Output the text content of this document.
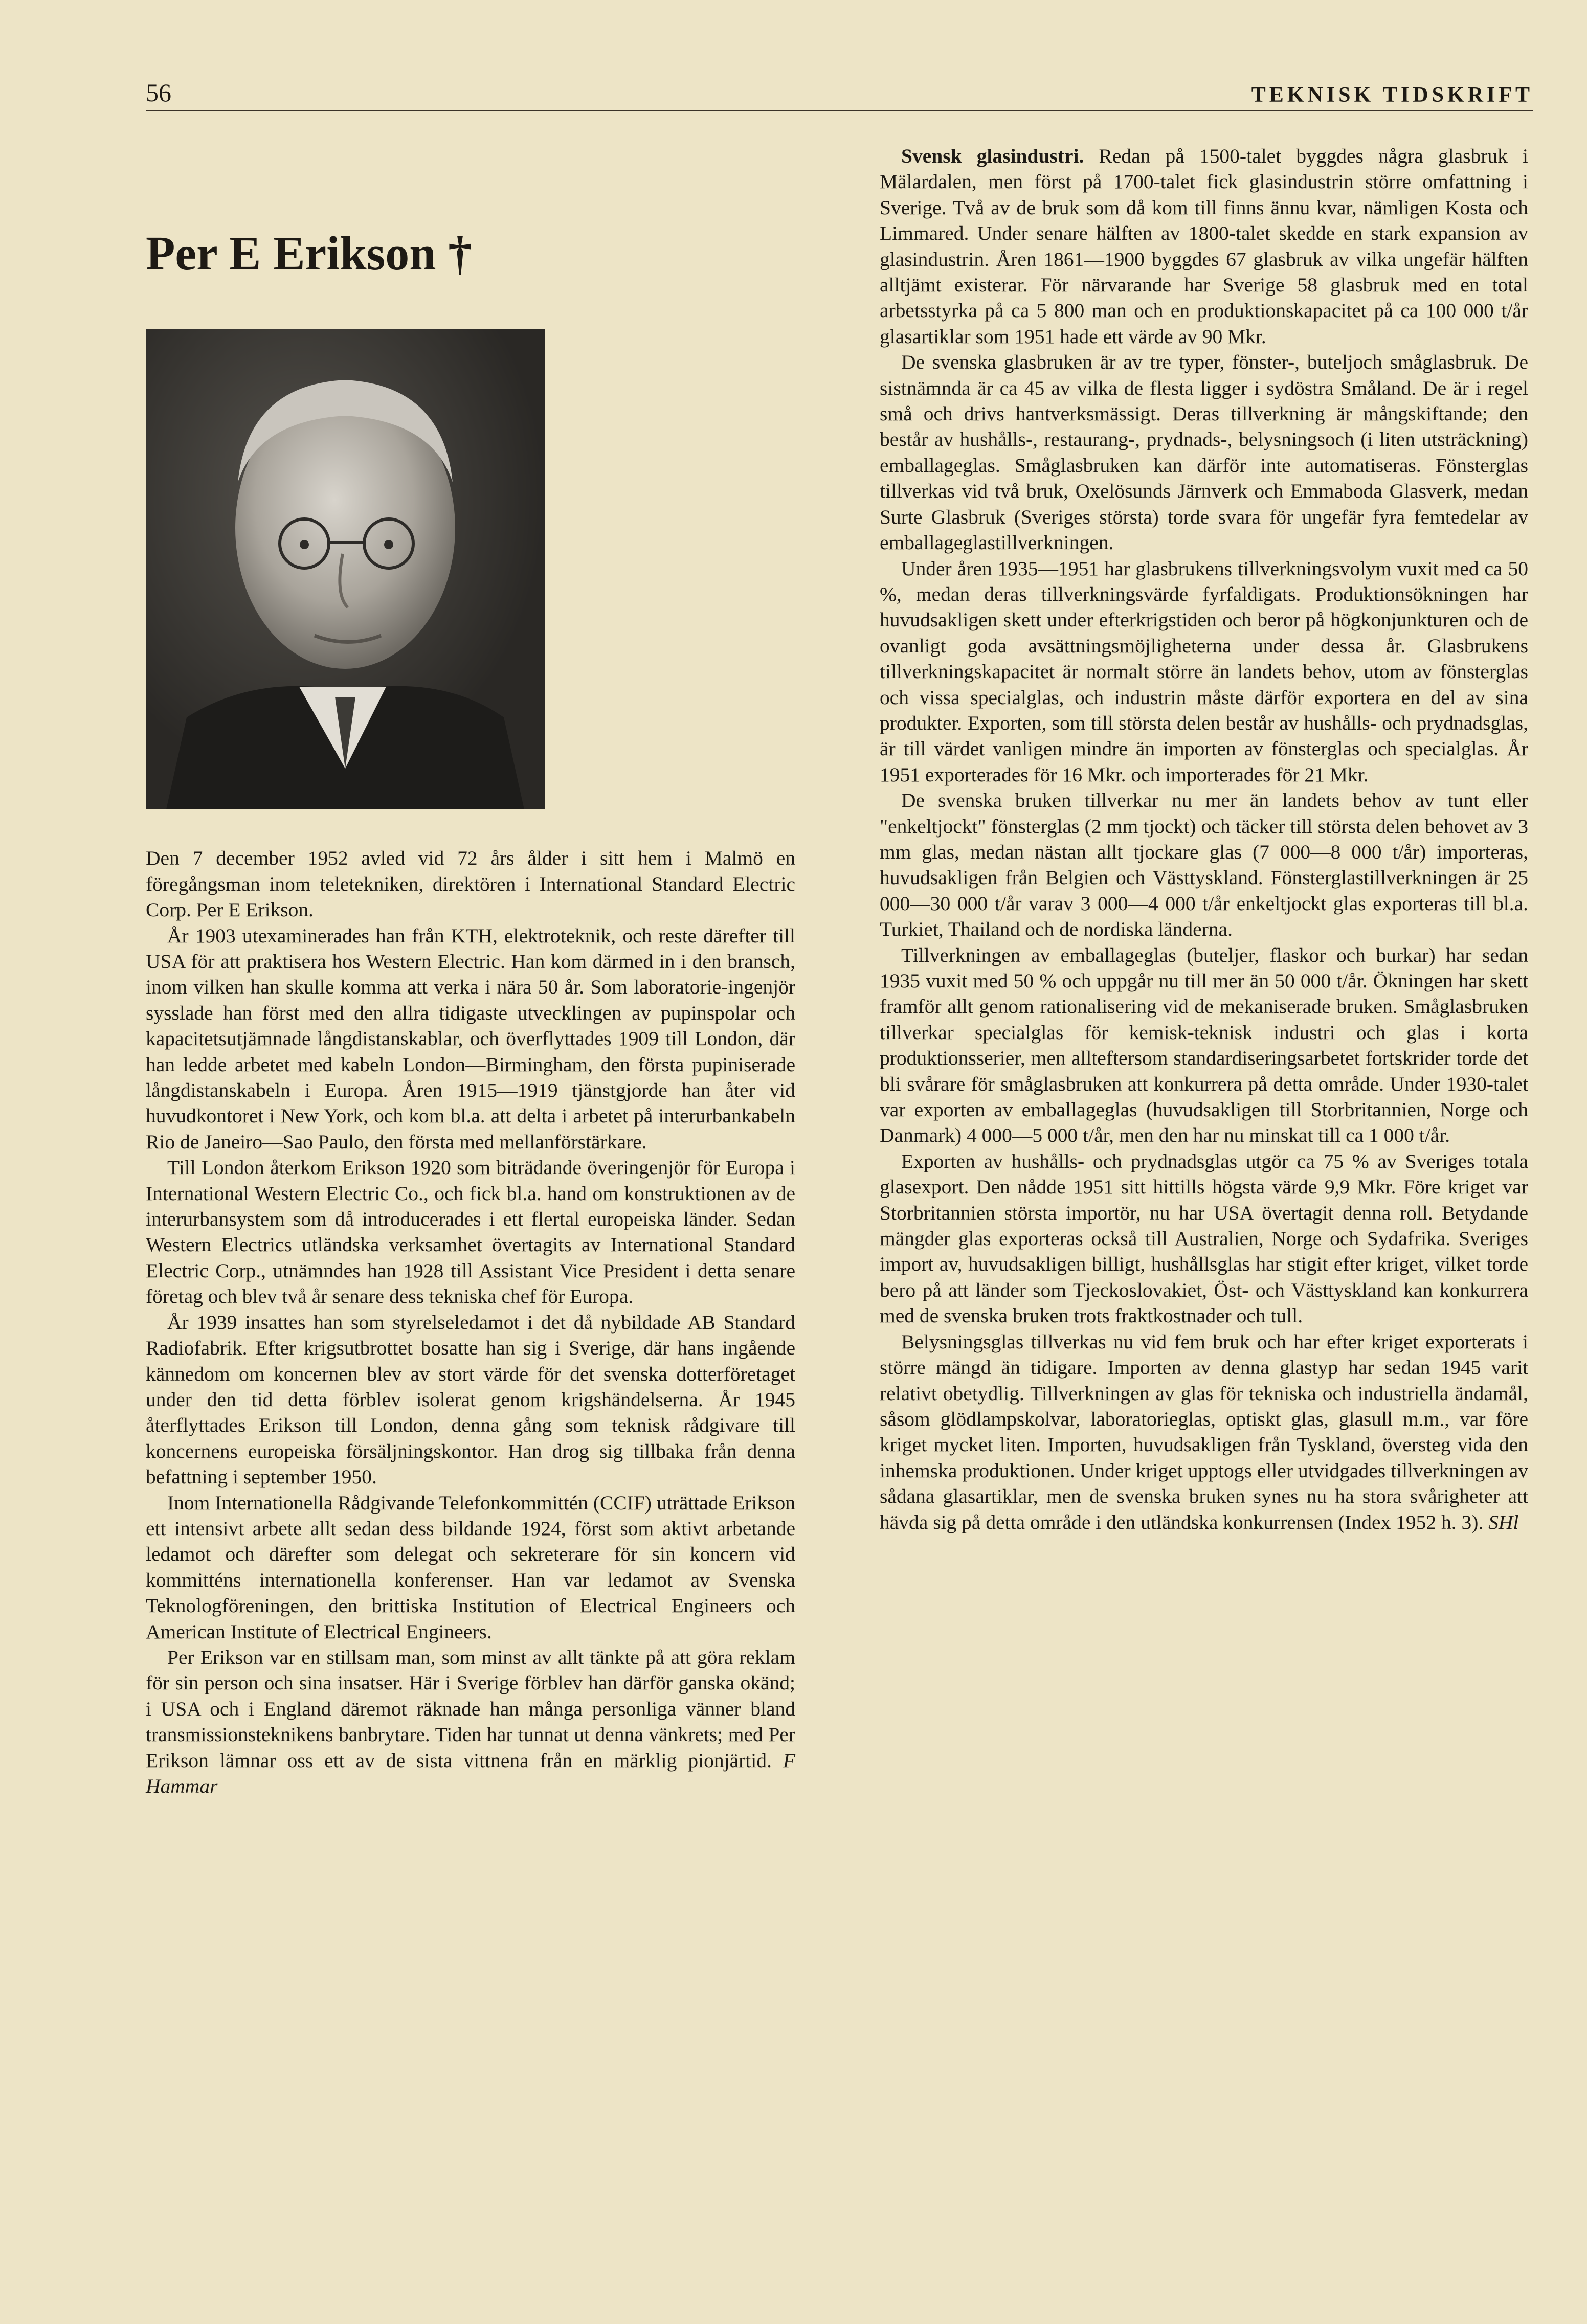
56	TEKNISK TIDSKRIFT
Per E Erikson †

Den 7 december 1952 avled vid 72 års ålder i sitt hem i Malmö en föregångsman inom teletekniken, direktören i International Standard Electric Corp. Per E Erikson.

År 1903 utexaminerades han från KTH, elektroteknik, och reste därefter till USA för att praktisera hos Western Electric. Han kom därmed in i den bransch, inom vilken han skulle komma att verka i nära 50 år. Som laboratorie-ingenjör sysslade han först med den allra tidigaste utvecklingen av pupinspolar och kapacitetsutjämnade långdistanskablar, och överflyttades 1909 till London, där han ledde arbetet med kabeln London—Birmingham, den första pupiniserade långdistanskabeln i Europa. Åren 1915—1919 tjänstgjorde han åter vid huvudkontoret i New York, och kom bl.a. att delta i arbetet på interurbankabeln Rio de Janeiro—Sao Paulo, den första med mellanförstärkare.

Till London återkom Erikson 1920 som biträdande överingenjör för Europa i International Western Electric Co., och fick bl.a. hand om konstruktionen av de interurbansystem som då introducerades i ett flertal europeiska länder. Sedan Western Electrics utländska verksamhet övertagits av International Standard Electric Corp., utnämndes han 1928 till Assistant Vice President i detta senare företag och blev två år senare dess tekniska chef för Europa.

År 1939 insattes han som styrelseledamot i det då nybildade AB Standard Radiofabrik. Efter krigsutbrottet bosatte han sig i Sverige, där hans ingående kännedom om koncernen blev av stort värde för det svenska dotterföretaget under den tid detta förblev isolerat genom krigshändelserna. År 1945 återflyttades Erikson till London, denna gång som teknisk rådgivare till koncernens europeiska försäljningskontor. Han drog sig tillbaka från denna befattning i september 1950.

Inom Internationella Rådgivande Telefonkommittén (CCIF) uträttade Erikson ett intensivt arbete allt sedan dess bildande 1924, först som aktivt arbetande ledamot och därefter som delegat och sekreterare för sin koncern vid kommitténs internationella konferenser. Han var ledamot av Svenska Teknologföreningen, den brittiska Institution of Electrical Engineers och American Institute of Electrical Engineers.

Per Erikson var en stillsam man, som minst av allt tänkte på att göra reklam för sin person och sina insatser. Här i Sverige förblev han därför ganska okänd; i USA och i England däremot räknade han många personliga vänner bland transmissionsteknikens banbrytare. Tiden har tunnat ut denna vänkrets; med Per Erikson lämnar oss ett av de sista vittnena från en märklig pionjärtid. F Hammar

Svensk glasindustri. Redan på 1500-talet byggdes några glasbruk i Mälardalen, men först på 1700-talet fick glasindustrin större omfattning i Sverige. Två av de bruk som då kom till finns ännu kvar, nämligen Kosta och Limmared. Under senare hälften av 1800-talet skedde en stark expansion av glasindustrin. Åren 1861—1900 byggdes 67 glasbruk av vilka ungefär hälften alltjämt existerar. För närvarande har Sverige 58 glasbruk med en total arbetsstyrka på ca 5 800 man och en produktionskapacitet på ca 100 000 t/år glasartiklar som 1951 hade ett värde av 90 Mkr.

De svenska glasbruken är av tre typer, fönster-, buteljoch småglasbruk. De sistnämnda är ca 45 av vilka de flesta ligger i sydöstra Småland. De är i regel små och drivs hantverksmässigt. Deras tillverkning är mångskiftande; den består av hushålls-, restaurang-, prydnads-, belysningsoch (i liten utsträckning) emballageglas. Småglasbruken kan därför inte automatiseras. Fönsterglas tillverkas vid två bruk, Oxelösunds Järnverk och Emmaboda Glasverk, medan Surte Glasbruk (Sveriges största) torde svara för ungefär fyra femtedelar av emballageglastillverkningen.

Under åren 1935—1951 har glasbrukens tillverkningsvolym vuxit med ca 50 %, medan deras tillverkningsvärde fyrfaldigats. Produktionsökningen har huvudsakligen skett under efterkrigstiden och beror på högkonjunkturen och de ovanligt goda avsättningsmöjligheterna under dessa år. Glasbrukens tillverkningskapacitet är normalt större än landets behov, utom av fönsterglas och vissa specialglas, och industrin måste därför exportera en del av sina produkter. Exporten, som till största delen består av hushålls- och prydnadsglas, är till värdet vanligen mindre än importen av fönsterglas och specialglas. År 1951 exporterades för 16 Mkr. och importerades för 21 Mkr.

De svenska bruken tillverkar nu mer än landets behov av tunt eller "enkeltjockt" fönsterglas (2 mm tjockt) och täcker till största delen behovet av 3 mm glas, medan nästan allt tjockare glas (7 000—8 000 t/år) importeras, huvudsakligen från Belgien och Västtyskland. Fönsterglastillverkningen är 25 000—30 000 t/år varav 3 000—4 000 t/år enkeltjockt glas exporteras till bl.a. Turkiet, Thailand och de nordiska länderna.

Tillverkningen av emballageglas (buteljer, flaskor och burkar) har sedan 1935 vuxit med 50 % och uppgår nu till mer än 50 000 t/år. Ökningen har skett framför allt genom rationalisering vid de mekaniserade bruken. Småglasbruken tillverkar specialglas för kemisk-teknisk industri och glas i korta produktionsserier, men allteftersom standardiseringsarbetet fortskrider torde det bli svårare för småglasbruken att konkurrera på detta område. Under 1930-talet var exporten av emballageglas (huvudsakligen till Storbritannien, Norge och Danmark) 4 000—5 000 t/år, men den har nu minskat till ca 1 000 t/år.

Exporten av hushålls- och prydnadsglas utgör ca 75 % av Sveriges totala glasexport. Den nådde 1951 sitt hittills högsta värde 9,9 Mkr. Före kriget var Storbritannien största importör, nu har USA övertagit denna roll. Betydande mängder glas exporteras också till Australien, Norge och Sydafrika. Sveriges import av, huvudsakligen billigt, hushållsglas har stigit efter kriget, vilket torde bero på att länder som Tjeckoslovakiet, Öst- och Västtyskland kan konkurrera med de svenska bruken trots fraktkostnader och tull.

Belysningsglas tillverkas nu vid fem bruk och har efter kriget exporterats i större mängd än tidigare. Importen av denna glastyp har sedan 1945 varit relativt obetydlig. Tillverkningen av glas för tekniska och industriella ändamål, såsom glödlampskolvar, laboratorieglas, optiskt glas, glasull m.m., var före kriget mycket liten. Importen, huvudsakligen från Tyskland, översteg vida den inhemska produktionen. Under kriget upptogs eller utvidgades tillverkningen av sådana glasartiklar, men de svenska bruken synes nu ha stora svårigheter att hävda sig på detta område i den utländska konkurrensen (Index 1952 h. 3). SHl
